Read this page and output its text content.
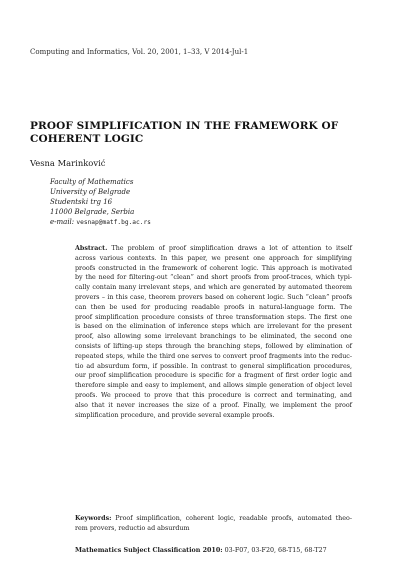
Computing and Informatics, Vol. 20, 2001, 1–33, V 2014-Jul-1
PROOF SIMPLIFICATION IN THE FRAMEWORK OF
COHERENT LOGIC
Vesna Marinković
Faculty of Mathematics
University of Belgrade
Studentski trg 16
11000 Belgrade, Serbia
e-mail: vesnap@matf.bg.ac.rs
Abstract. The problem of proof simplification draws a lot of attention to itself
across various contexts. In this paper, we present one approach for simplifying
proofs constructed in the framework of coherent logic. This approach is motivated
by the need for filtering-out “clean” and short proofs from proof-traces, which typi-
cally contain many irrelevant steps, and which are generated by automated theorem
provers – in this case, theorem provers based on coherent logic. Such “clean” proofs
can then be used for producing readable proofs in natural-language form. The
proof simplification procedure consists of three transformation steps. The first one
is based on the elimination of inference steps which are irrelevant for the present
proof, also allowing some irrelevant branchings to be eliminated, the second one
consists of lifting-up steps through the branching steps, followed by elimination of
repeated steps, while the third one serves to convert proof fragments into the reduc-
tio ad absurdum form, if possible. In contrast to general simplification procedures,
our proof simplification procedure is specific for a fragment of first order logic and
therefore simple and easy to implement, and allows simple generation of object level
proofs. We proceed to prove that this procedure is correct and terminating, and
also that it never increases the size of a proof. Finally, we implement the proof
simplification procedure, and provide several example proofs.
Keywords: Proof simplification, coherent logic, readable proofs, automated theo-
rem provers, reductio ad absurdum
Mathematics Subject Classification 2010: 03-F07, 03-F20, 68-T15, 68-T27
